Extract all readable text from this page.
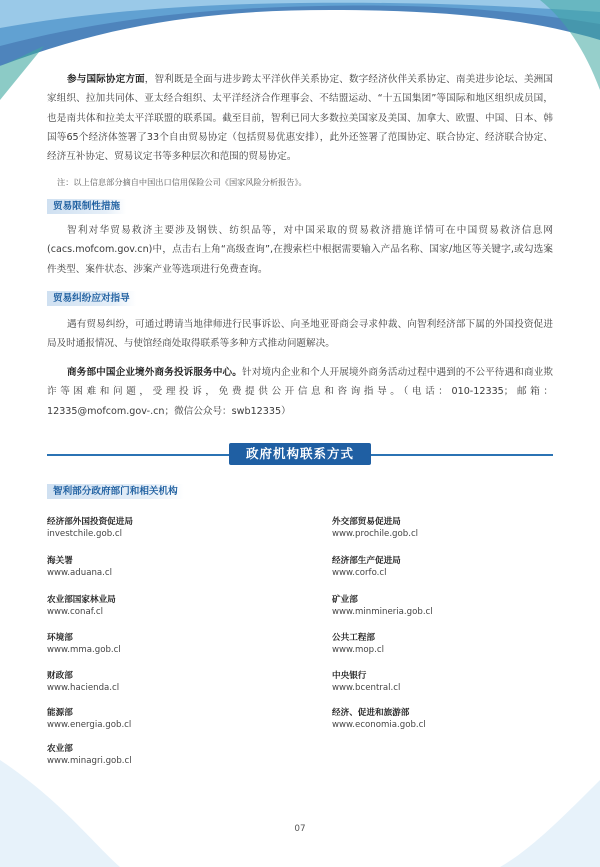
参与国际协定方面，智利既是全面与进步跨太平洋伙伴关系协定、数字经济伙伴关系协定、南美进步论坛、美洲国家组织、拉加共同体、亚太经合组织、太平洋经济合作理事会、不结盟运动、“十五国集团”等国际和地区组织成员国，也是南共体和拉美太平洋联盟的联系国。截至目前，智利已同大多数拉美国家及美国、加拿大、欧盟、中国、日本、韩国等65个经济体签署了33个自由贸易协定（包括贸易优惠安排），此外还签署了范围协定、联合协定、经济联合协定、经济互补协定、贸易议定书等多种层次和范围的贸易协定。

注：以上信息部分摘自中国出口信用保险公司《国家风险分析报告》。

贸易限制性措施

智利对华贸易救济主要涉及钢铁、纺织品等，对中国采取的贸易救济措施详情可在中国贸易救济信息网(cacs.mofcom.gov.cn)中，点击右上角“高级查询”,在搜索栏中根据需要输入产品名称、国家/地区等关键字,或勾选案件类型、案件状态、涉案产业等选项进行免费查询。

贸易纠纷应对指导

遇有贸易纠纷，可通过聘请当地律师进行民事诉讼、向圣地亚哥商会寻求仲裁、向智利经济部下属的外国投资促进局及时通报情况、与使馆经商处取得联系等多种方式推动问题解决。

商务部中国企业境外商务投诉服务中心。针对境内企业和个人开展境外商务活动过程中遇到的不公平待遇和商业欺诈等困难和问题，受理投诉，免费提供公开信息和咨询指导。（电话：010-12335；邮箱：12335@mofcom.gov-.cn；微信公众号：swb12335）

政府机构联系方式
智利部分政府部门和相关机构
经济部外国投资促进局
investchile.gob.cl
海关署
www.aduana.cl
农业部国家林业局
www.conaf.cl
环境部
www.mma.gob.cl
财政部
www.hacienda.cl
能源部
www.energia.gob.cl
农业部
www.minagri.gob.cl
外交部贸易促进局
www.prochile.gob.cl
经济部生产促进局
www.corfo.cl
矿业部
www.minmineria.gob.cl
公共工程部
www.mop.cl
中央银行
www.bcentral.cl
经济、促进和旅游部
www.economia.gob.cl
07
